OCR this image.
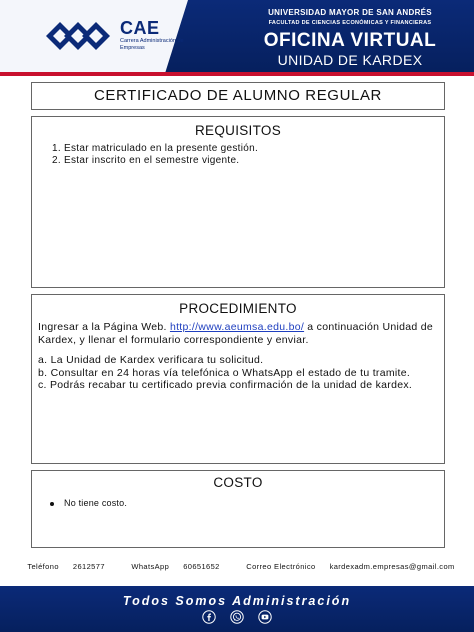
CAE
Carrera Administración de Empresas
UNIVERSIDAD MAYOR DE SAN ANDRÉS
FACULTAD DE CIENCIAS ECONÓMICAS Y FINANCIERAS
OFICINA VIRTUAL
UNIDAD DE KARDEX
CERTIFICADO DE ALUMNO REGULAR
REQUISITOS
1. Estar matriculado en la presente gestión.
2. Estar inscrito en el semestre vigente.
PROCEDIMIENTO
Ingresar a la Página Web. http://www.aeumsa.edu.bo/ a continuación Unidad de Kardex, y llenar el formulario correspondiente y enviar.
a. La Unidad de Kardex verificara tu solicitud.
b. Consultar en 24 horas vía telefónica o WhatsApp el estado de tu tramite.
c. Podrás recabar tu certificado previa confirmación de la unidad de kardex.
COSTO
No tiene costo.
Teléfono 2612577	WhatsApp 60651652	Correo Electrónico kardexadm.empresas@gmail.com
Todos Somos Administración
